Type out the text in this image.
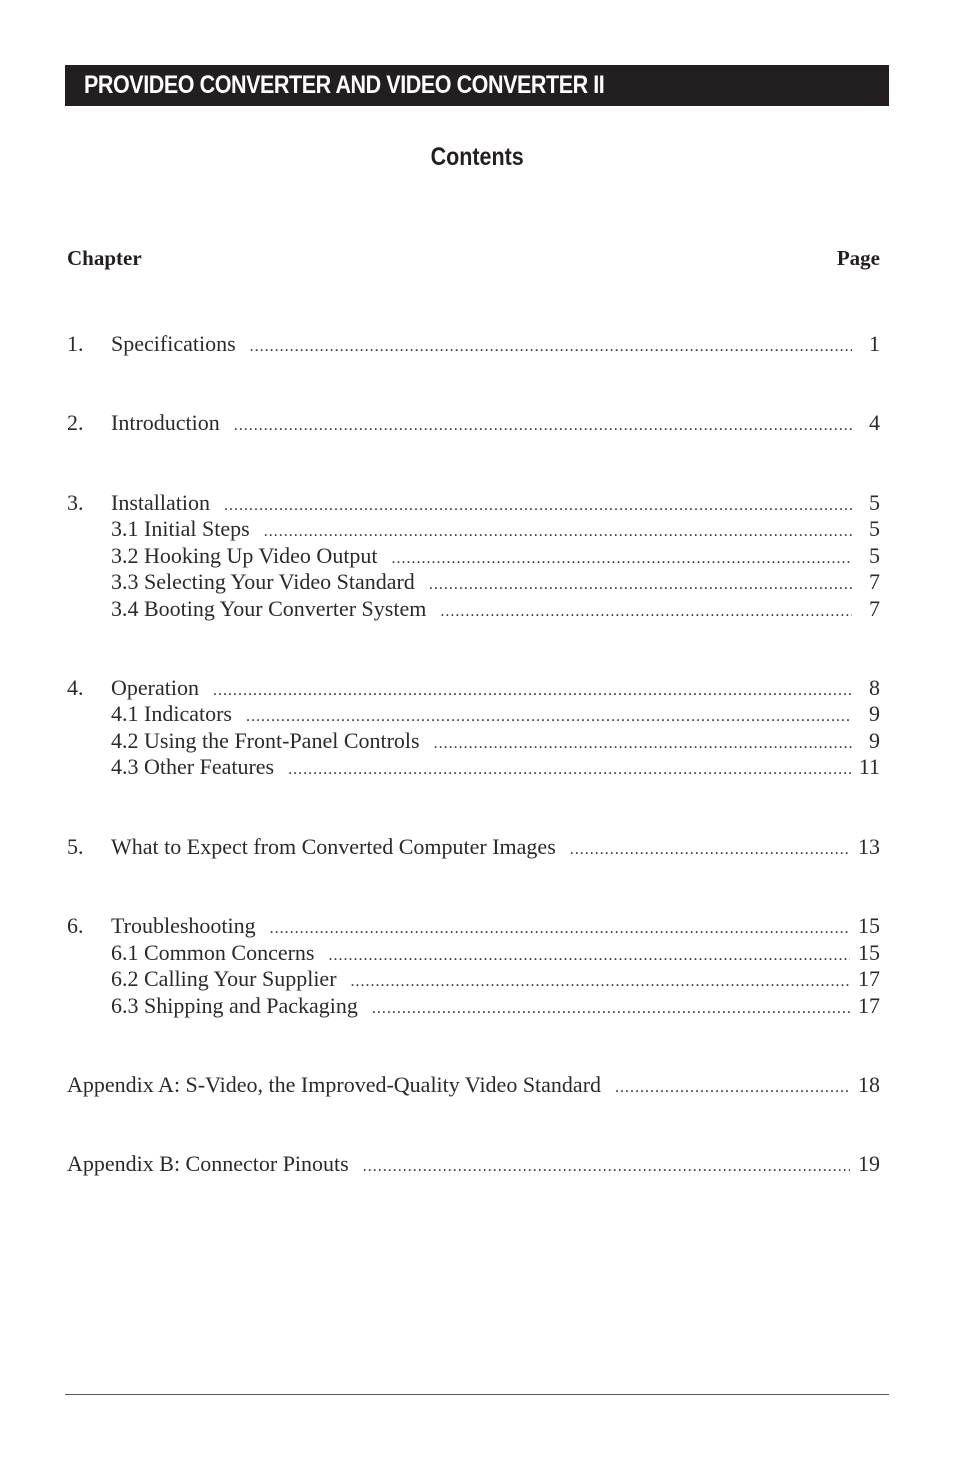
PROVIDEO CONVERTER AND VIDEO CONVERTER II
Contents
Chapter	Page
1.	Specifications .....	1
2.	Introduction .....	4
3.	Installation .....	5
3.1 Initial Steps .....	5
3.2 Hooking Up Video Output .....	5
3.3 Selecting Your Video Standard .....	7
3.4 Booting Your Converter System .....	7
4.	Operation .....	8
4.1 Indicators .....	9
4.2 Using the Front-Panel Controls .....	9
4.3 Other Features .....	11
5.	What to Expect from Converted Computer Images .....	13
6.	Troubleshooting .....	15
6.1 Common Concerns .....	15
6.2 Calling Your Supplier .....	17
6.3 Shipping and Packaging .....	17
Appendix A: S-Video, the Improved-Quality Video Standard .....	18
Appendix B: Connector Pinouts .....	19
